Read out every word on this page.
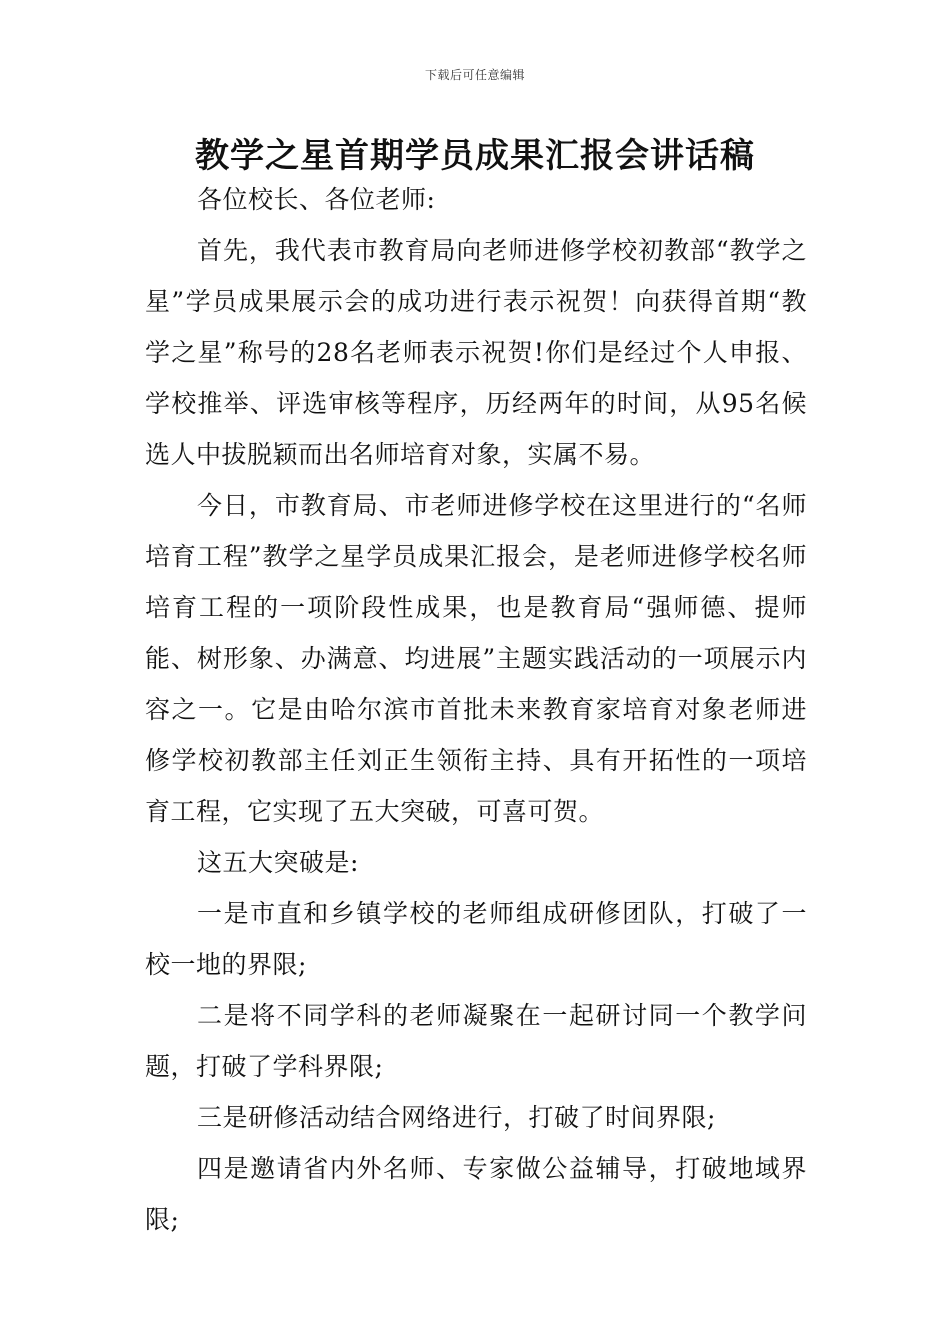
下载后可任意编辑
教学之星首期学员成果汇报会讲话稿

各位校长、各位老师:

首先，我代表市教育局向老师进修学校初教部“教学之星”学员成果展示会的成功进行表示祝贺！向获得首期“教学之星”称号的28名老师表示祝贺!你们是经过个人申报、学校推举、评选审核等程序，历经两年的时间，从95名候选人中拔脱颖而出名师培育对象，实属不易。

今日，市教育局、市老师进修学校在这里进行的“名师培育工程”教学之星学员成果汇报会，是老师进修学校名师培育工程的一项阶段性成果，也是教育局“强师德、提师能、树形象、办满意、均进展”主题实践活动的一项展示内容之一。它是由哈尔滨市首批未来教育家培育对象老师进修学校初教部主任刘正生领衔主持、具有开拓性的一项培育工程，它实现了五大突破，可喜可贺。

这五大突破是:

一是市直和乡镇学校的老师组成研修团队，打破了一校一地的界限;

二是将不同学科的老师凝聚在一起研讨同一个教学问题，打破了学科界限;

三是研修活动结合网络进行，打破了时间界限;

四是邀请省内外名师、专家做公益辅导，打破地域界限;
